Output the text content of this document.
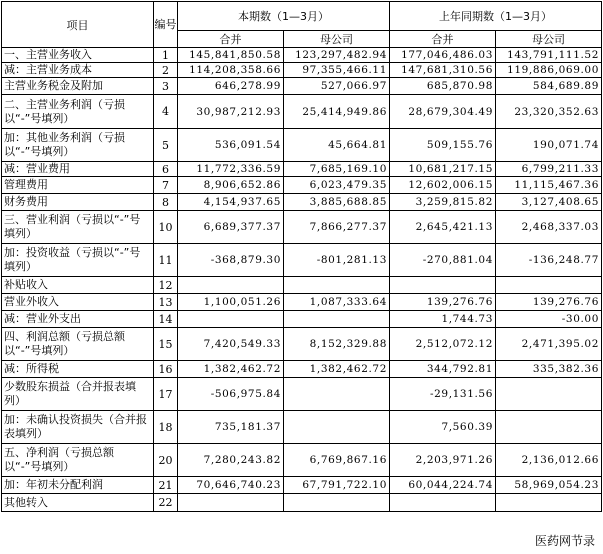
项目	编号	本期数（1—3月）		上年同期数（1—3月）	
		合并	母公司	合并	母公司
一、主营业务收入	1	145,841,850.58	123,297,482.94	177,046,486.03	143,791,111.52
减：主营业务成本	2	114,208,358.66	97,355,466.11	147,681,310.56	119,886,069.00
主营业务税金及附加	3	646,278.99	527,066.97	685,870.98	584,689.89
二、主营业务利润（亏损以“-”号填列）	4	30,987,212.93	25,414,949.86	28,679,304.49	23,320,352.63
加：其他业务利润（亏损以“-”号填列）	5	536,091.54	45,664.81	509,155.76	190,071.74
减：营业费用	6	11,772,336.59	7,685,169.10	10,681,217.15	6,799,211.33
管理费用	7	8,906,652.86	6,023,479.35	12,602,006.15	11,115,467.36
财务费用	8	4,154,937.65	3,885,688.85	3,259,815.82	3,127,408.65
三、营业利润（亏损以“-”号填列）	10	6,689,377.37	7,866,277.37	2,645,421.13	2,468,337.03
加：投资收益（亏损以“-”号填列）	11	-368,879.30	-801,281.13	-270,881.04	-136,248.77
补贴收入	12				
营业外收入	13	1,100,051.26	1,087,333.64	139,276.76	139,276.76
减：营业外支出	14			1,744.73	-30.00
四、利润总额（亏损总额以“-”号填列）	15	7,420,549.33	8,152,329.88	2,512,072.12	2,471,395.02
减：所得税	16	1,382,462.72	1,382,462.72	344,792.81	335,382.36
少数股东损益（合并报表填列）	17	-506,975.84		-29,131.56	
加：未确认投资损失（合并报表填列）	18	735,181.37		7,560.39	
五、净利润（亏损总额以“-”号填列）	20	7,280,243.82	6,769,867.16	2,203,971.26	2,136,012.66
加：年初未分配利润	21	70,646,740.23	67,791,722.10	60,044,224.74	58,969,054.23
其他转入	22				
医药网节录
